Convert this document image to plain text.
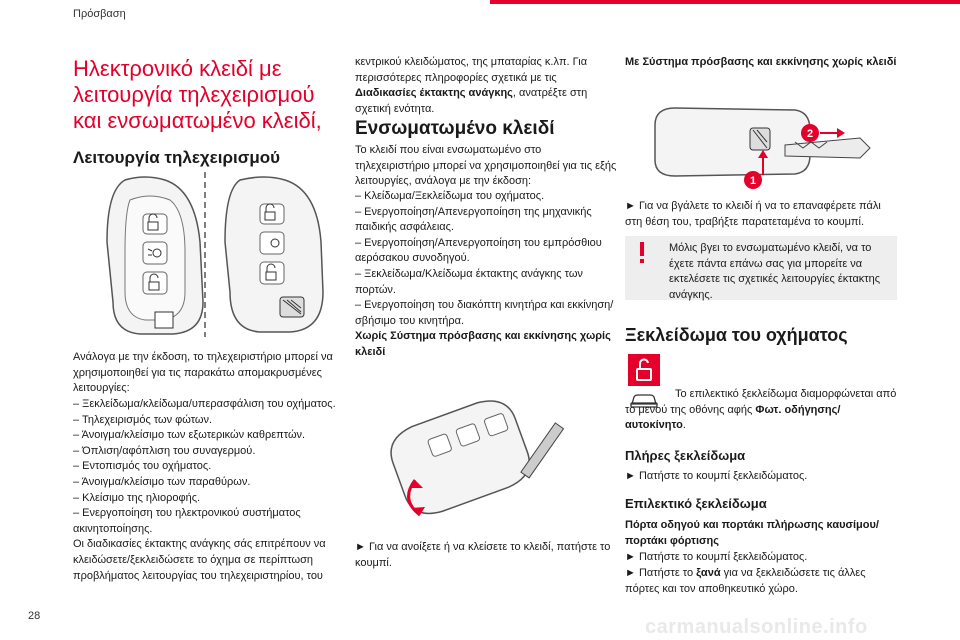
Πρόσβαση
Ηλεκτρονικό κλειδί με λειτουργία τηλεχειρισμού και ενσωματωμένο κλειδί,
Λειτουργία τηλεχειρισμού
Ανάλογα με την έκδοση, το τηλεχειριστήριο μπορεί να χρησιμοποιηθεί για τις παρακάτω απομακρυσμένες λειτουργίες:

– Ξεκλείδωμα/κλείδωμα/υπερασφάλιση του οχήματος.

– Τηλεχειρισμός των φώτων.

– Άνοιγμα/κλείσιμο των εξωτερικών καθρεπτών.

– Όπλιση/αφόπλιση του συναγερμού.

– Εντοπισμός του οχήματος.

– Άνοιγμα/κλείσιμο των παραθύρων.

– Κλείσιμο της ηλιοροφής.

– Ενεργοποίηση του ηλεκτρονικού συστήματος ακινητοποίησης.

Οι διαδικασίες έκτακτης ανάγκης σάς επιτρέπουν να κλειδώσετε/ξεκλειδώσετε το όχημα σε περίπτωση προβλήματος λειτουργίας του τηλεχειριστηρίου, του

κεντρικού κλειδώματος, της μπαταρίας κ.λπ. Για περισσότερες πληροφορίες σχετικά με τις Διαδικασίες έκτακτης ανάγκης, ανατρέξτε στη σχετική ενότητα.
Ενσωματωμένο κλειδί
Το κλειδί που είναι ενσωματωμένο στο τηλεχειριστήριο μπορεί να χρησιμοποιηθεί για τις εξής λειτουργίες, ανάλογα με την έκδοση:

– Κλείδωμα/Ξεκλείδωμα του οχήματος.

– Ενεργοποίηση/Απενεργοποίηση της μηχανικής παιδικής ασφάλειας.

– Ενεργοποίηση/Απενεργοποίηση του εμπρόσθιου αερόσακου συνοδηγού.

– Ξεκλείδωμα/Κλείδωμα έκτακτης ανάγκης των πορτών.

– Ενεργοποίηση του διακόπτη κινητήρα και εκκίνηση/σβήσιμο του κινητήρα.

Χωρίς Σύστημα πρόσβασης και εκκίνησης χωρίς κλειδί

► Για να ανοίξετε ή να κλείσετε το κλειδί, πατήστε το κουμπί.
Με Σύστημα πρόσβασης και εκκίνησης χωρίς κλειδί
1
2
► Για να βγάλετε το κλειδί ή να το επαναφέρετε πάλι στη θέση του, τραβήξτε παρατεταμένα το κουμπί.
Μόλις βγει το ενσωματωμένο κλειδί, να το έχετε πάντα επάνω σας για μπορείτε να εκτελέσετε τις σχετικές λειτουργίες έκτακτης ανάγκης.
Ξεκλείδωμα του οχήματος
Το επιλεκτικό ξεκλείδωμα διαμορφώνεται από το μενού της οθόνης αφής Φωτ. οδήγησης/αυτοκίνητο.
Πλήρες ξεκλείδωμα
► Πατήστε το κουμπί ξεκλειδώματος.
Επιλεκτικό ξεκλείδωμα
Πόρτα οδηγού και πορτάκι πλήρωσης καυσίμου/ πορτάκι φόρτισης
► Πατήστε το κουμπί ξεκλειδώματος.
► Πατήστε το ξανά για να ξεκλειδώσετε τις άλλες πόρτες και τον αποθηκευτικό χώρο.
28	carmanualsonline.info
